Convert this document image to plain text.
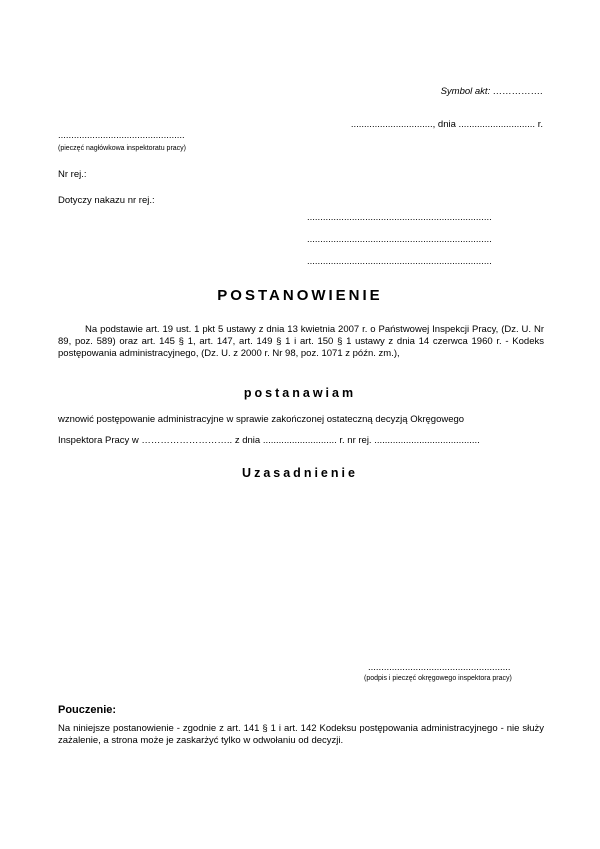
Symbol akt: …………….
..............................., dnia ............................. r.
................................................
(pieczęć nagłówkowa inspektoratu pracy)
Nr rej.:
Dotyczy nakazu nr rej.:
......................................................................
......................................................................
......................................................................
POSTANOWIENIE
Na podstawie art. 19 ust. 1 pkt 5 ustawy z dnia 13 kwietnia 2007 r. o Państwowej Inspekcji Pracy, (Dz. U. Nr 89, poz. 589) oraz art. 145 § 1, art. 147, art. 149 § 1 i art. 150 § 1 ustawy z dnia 14 czerwca 1960 r. - Kodeks postępowania administracyjnego, (Dz. U. z 2000 r. Nr 98, poz. 1071 z późn. zm.),
postanawiam
wznowić postępowanie administracyjne w sprawie zakończonej ostateczną decyzją Okręgowego
Inspektora Pracy w ……………………….. z dnia ............................ r. nr rej. ........................................
Uzasadnienie
......................................................
(podpis i pieczęć okręgowego inspektora pracy)
Pouczenie:
Na niniejsze postanowienie - zgodnie z art. 141 § 1 i art. 142 Kodeksu postępowania administracyjnego - nie służy zażalenie, a strona może je zaskarżyć tylko w odwołaniu od decyzji.
